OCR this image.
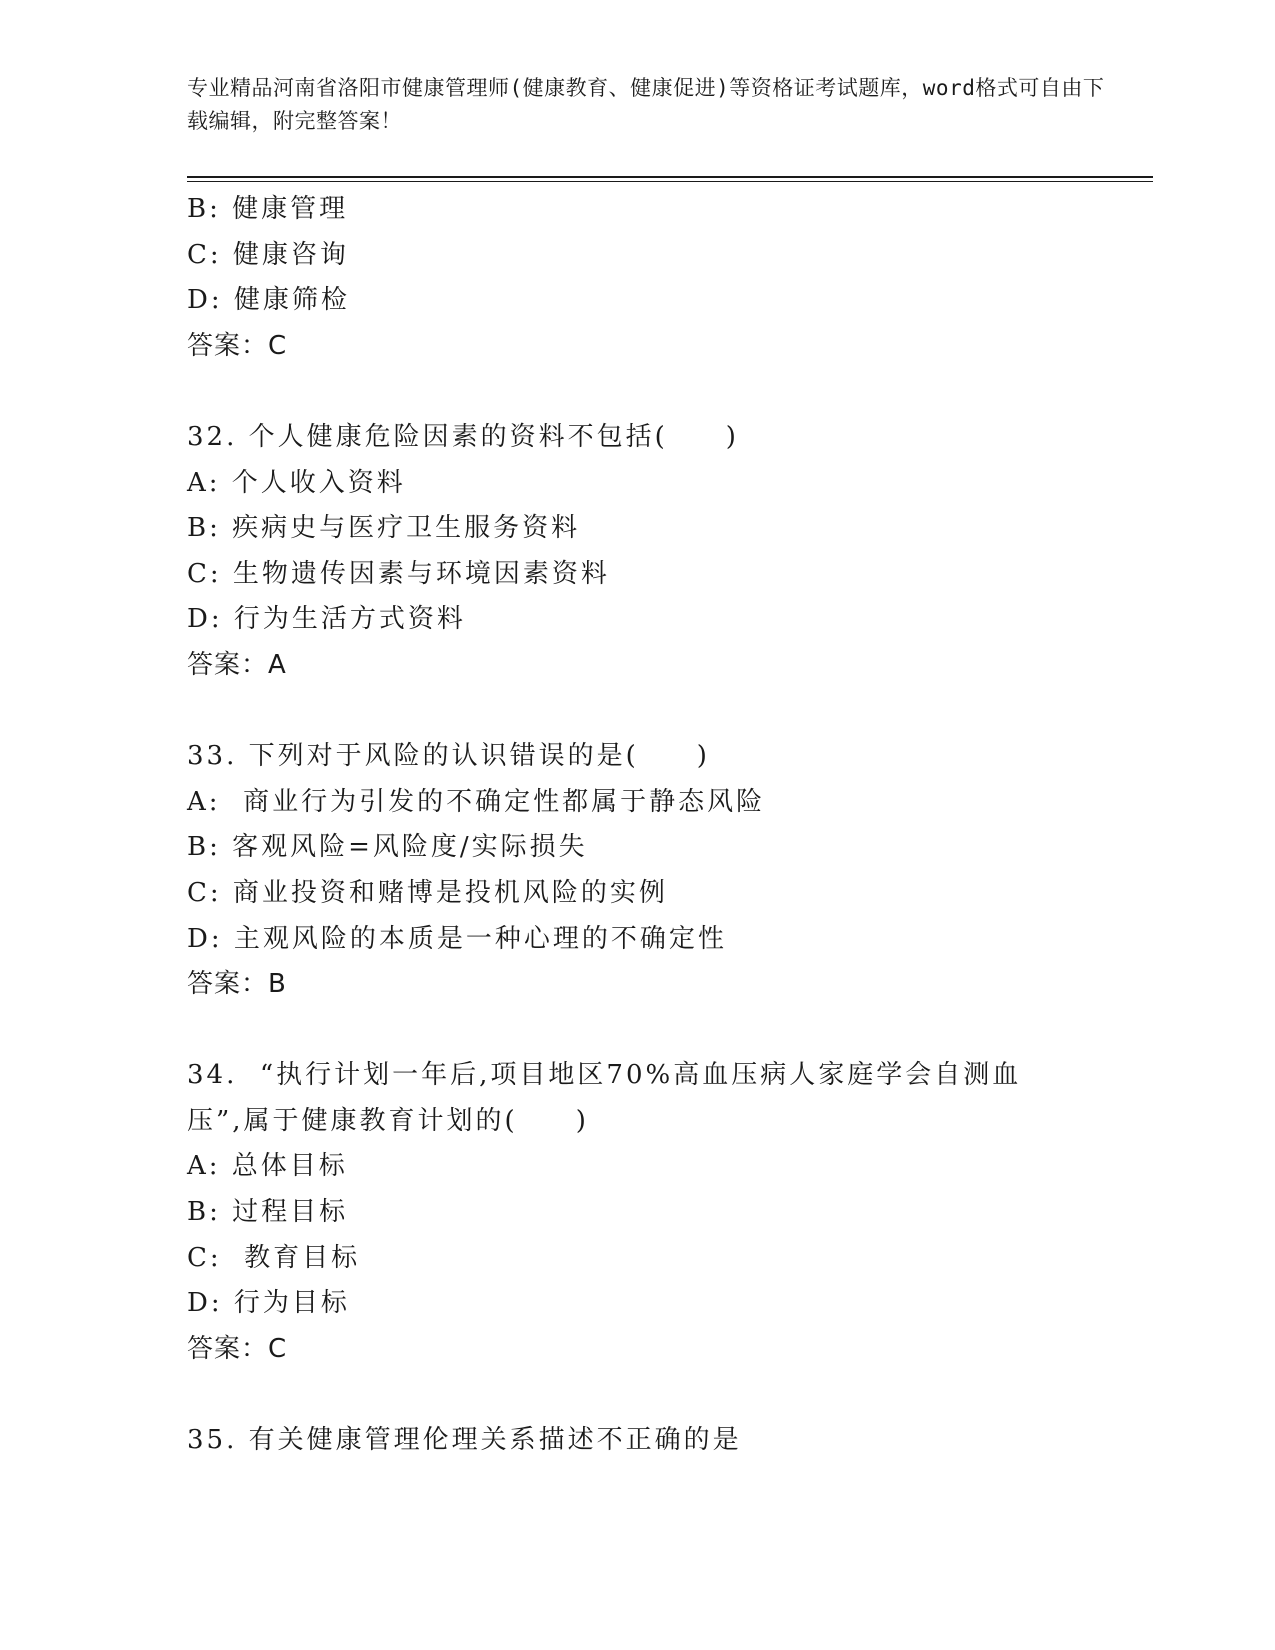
专业精品河南省洛阳市健康管理师(健康教育、健康促进)等资格证考试题库，word格式可自由下载编辑，附完整答案！
B: 健康管理
C: 健康咨询
D: 健康筛检
答案：C
32. 个人健康危险因素的资料不包括(　　)
A: 个人收入资料
B: 疾病史与医疗卫生服务资料
C: 生物遗传因素与环境因素资料
D: 行为生活方式资料
答案：A
33. 下列对于风险的认识错误的是(　　)
A:  商业行为引发的不确定性都属于静态风险
B: 客观风险=风险度/实际损失
C: 商业投资和赌博是投机风险的实例
D: 主观风险的本质是一种心理的不确定性
答案：B
34.  “执行计划一年后,项目地区70%高血压病人家庭学会自测血压”,属于健康教育计划的(　　)
A: 总体目标
B: 过程目标
C:  教育目标
D: 行为目标
答案：C
35. 有关健康管理伦理关系描述不正确的是
